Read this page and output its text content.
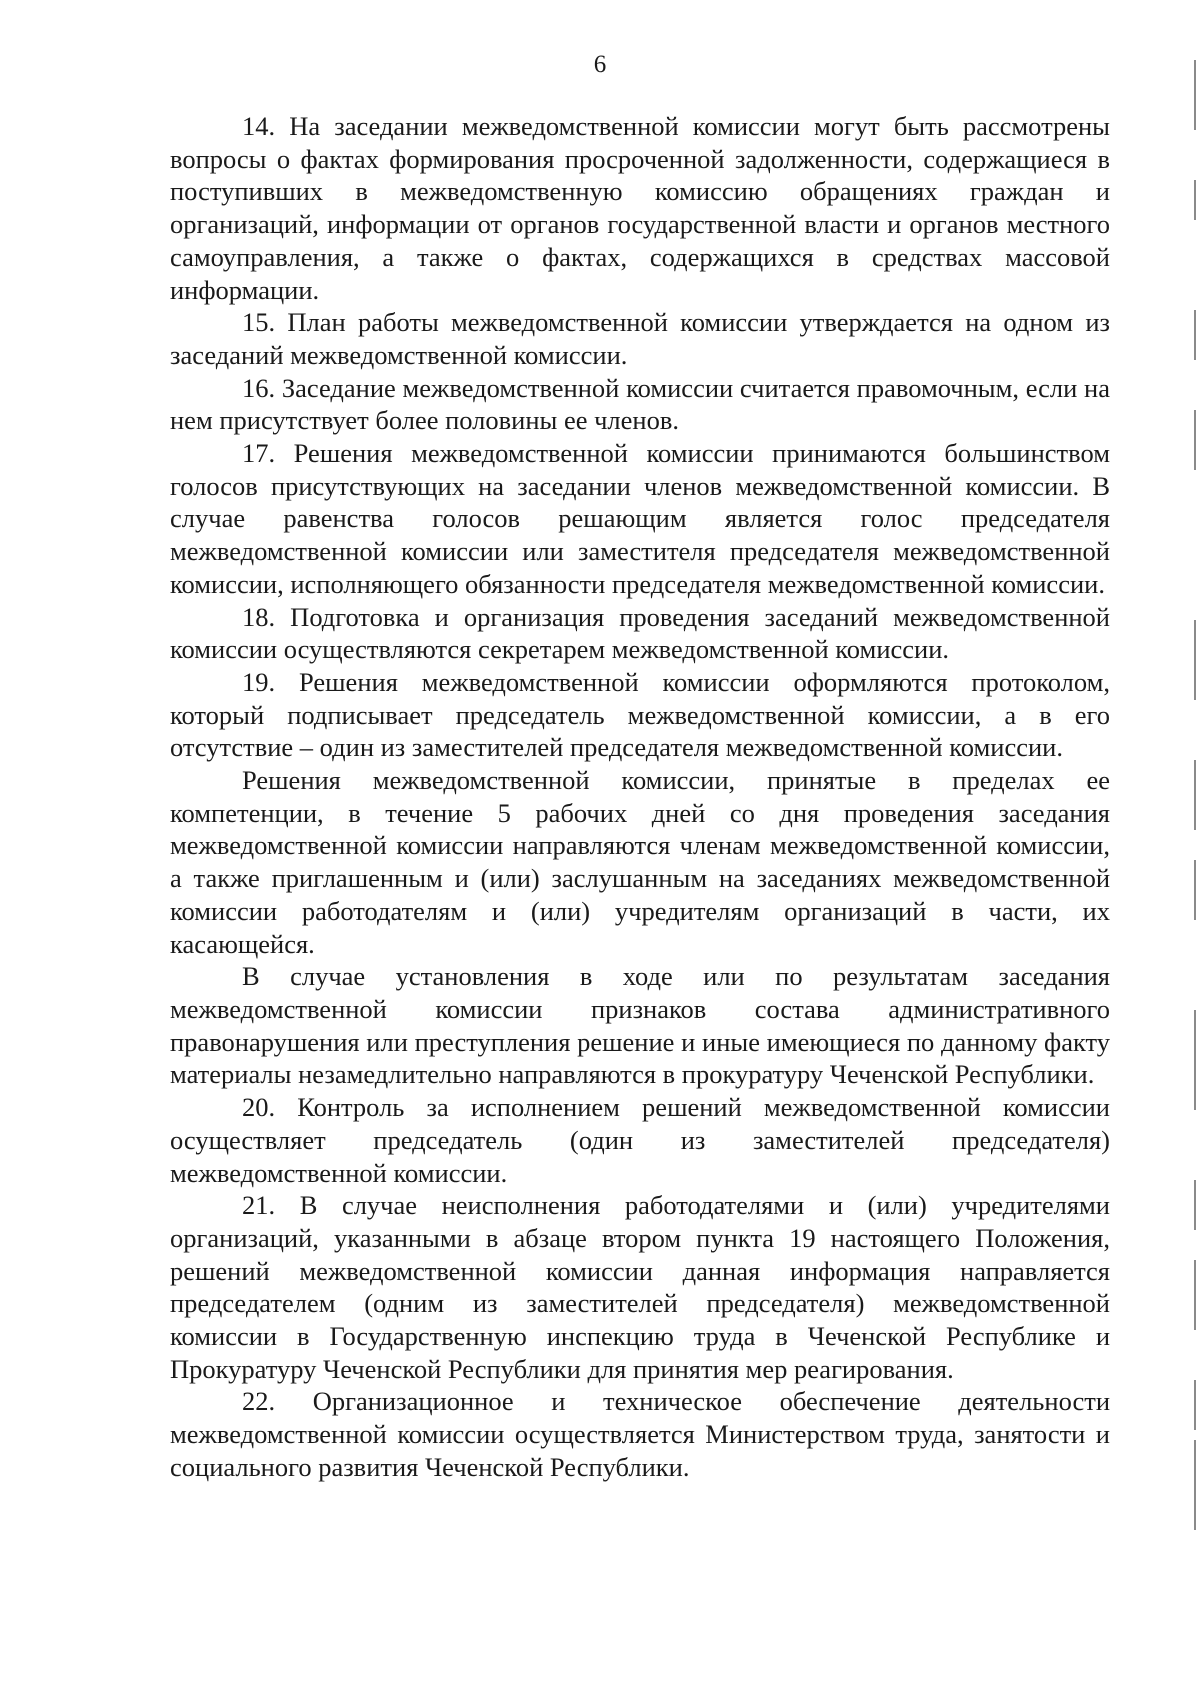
6

14. На заседании межведомственной комиссии могут быть рассмотрены вопросы о фактах формирования просроченной задолженности, содержащиеся в поступивших в межведомственную комиссию обращениях граждан и организаций, информации от органов государственной власти и органов местного самоуправления, а также о фактах, содержащихся в средствах массовой информации.

15. План работы межведомственной комиссии утверждается на одном из заседаний межведомственной комиссии.

16. Заседание межведомственной комиссии считается правомочным, если на нем присутствует более половины ее членов.

17. Решения межведомственной комиссии принимаются большинством голосов присутствующих на заседании членов межведомственной комиссии. В случае равенства голосов решающим является голос председателя межведомственной комиссии или заместителя председателя межведомственной комиссии, исполняющего обязанности председателя межведомственной комиссии.

18. Подготовка и организация проведения заседаний межведомственной комиссии осуществляются секретарем межведомственной комиссии.

19. Решения межведомственной комиссии оформляются протоколом, который подписывает председатель межведомственной комиссии, а в его отсутствие – один из заместителей председателя межведомственной комиссии.

Решения межведомственной комиссии, принятые в пределах ее компетенции, в течение 5 рабочих дней со дня проведения заседания межведомственной комиссии направляются членам межведомственной комиссии, а также приглашенным и (или) заслушанным на заседаниях межведомственной комиссии работодателям и (или) учредителям организаций в части, их касающейся.

В случае установления в ходе или по результатам заседания межведомственной комиссии признаков состава административного правонарушения или преступления решение и иные имеющиеся по данному факту материалы незамедлительно направляются в прокуратуру Чеченской Республики.

20. Контроль за исполнением решений межведомственной комиссии осуществляет председатель (один из заместителей председателя) межведомственной комиссии.

21. В случае неисполнения работодателями и (или) учредителями организаций, указанными в абзаце втором пункта 19 настоящего Положения, решений межведомственной комиссии данная информация направляется председателем (одним из заместителей председателя) межведомственной комиссии в Государственную инспекцию труда в Чеченской Республике и Прокуратуру Чеченской Республики для принятия мер реагирования.

22. Организационное и техническое обеспечение деятельности межведомственной комиссии осуществляется Министерством труда, занятости и социального развития Чеченской Республики.
